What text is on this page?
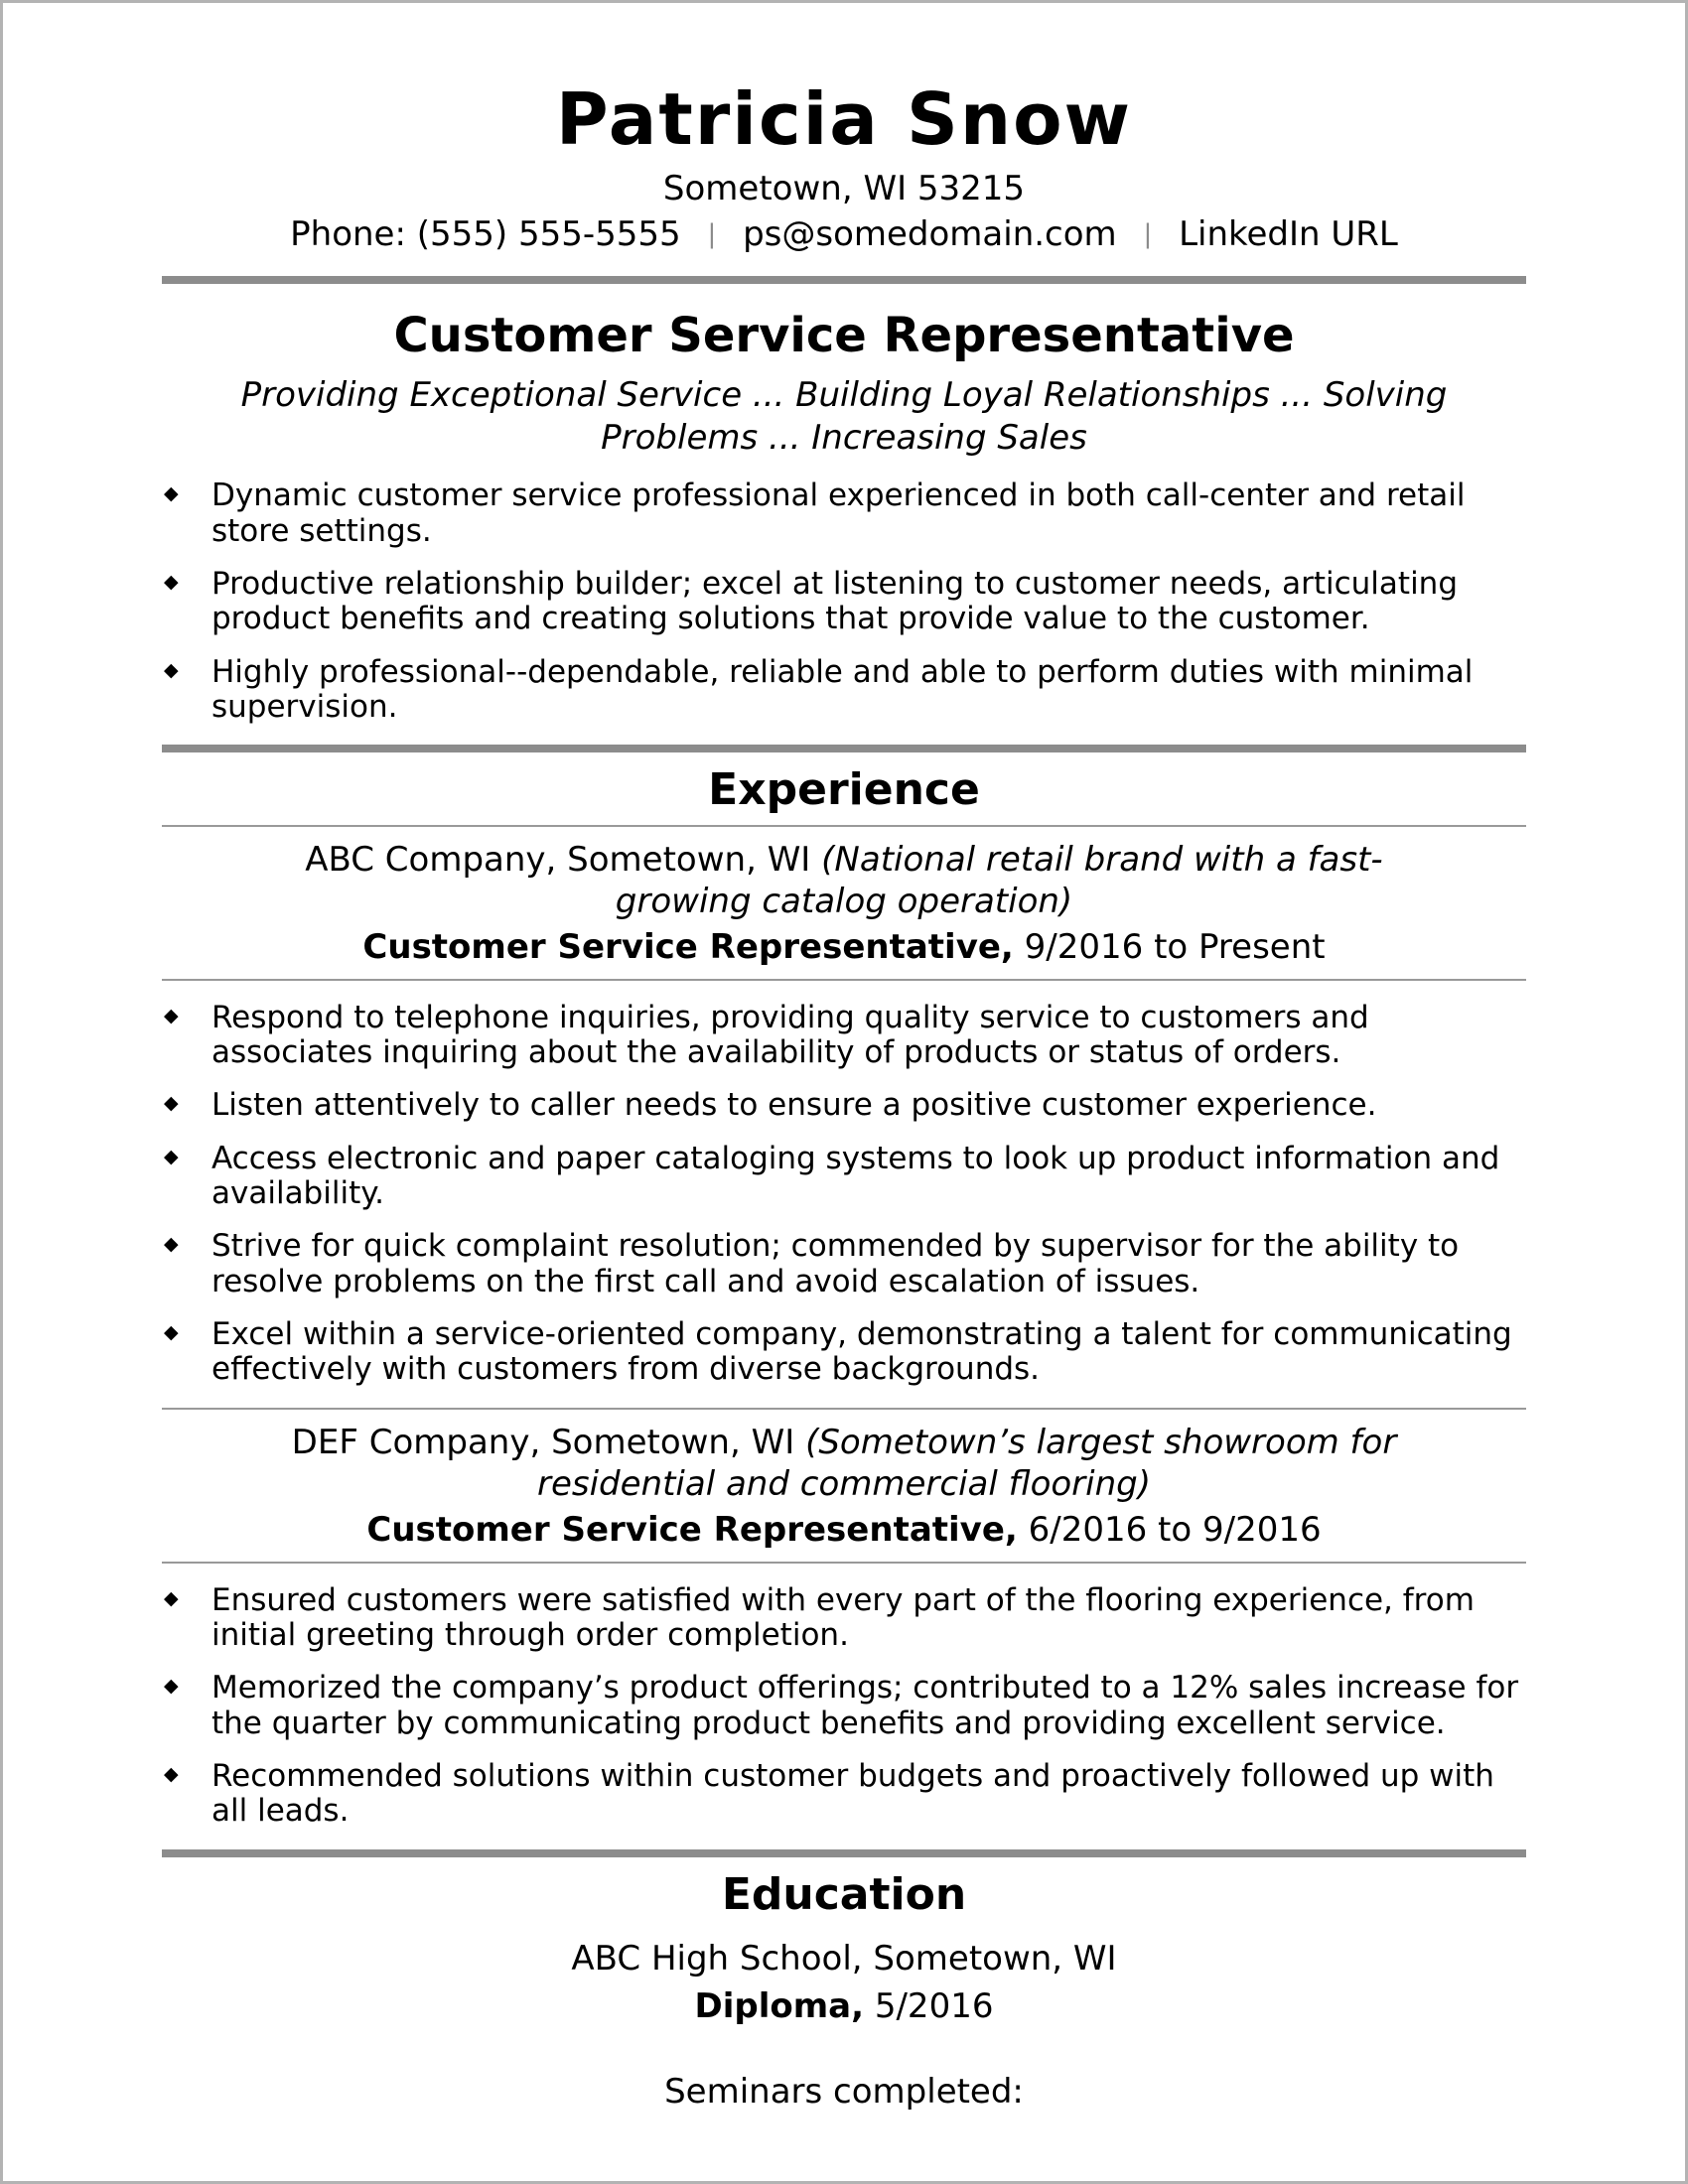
Patricia Snow
Sometown, WI 53215
Phone: (555) 555-5555 | ps@somedomain.com | LinkedIn URL
Customer Service Representative

Providing Exceptional Service ... Building Loyal Relationships ... Solving Problems ... Increasing Sales

◆ Dynamic customer service professional experienced in both call-center and retail store settings.
◆ Productive relationship builder; excel at listening to customer needs, articulating product benefits and creating solutions that provide value to the customer.
◆ Highly professional--dependable, reliable and able to perform duties with minimal supervision.
Experience

ABC Company, Sometown, WI (National retail brand with a fast-growing catalog operation)

Customer Service Representative, 9/2016 to Present

◆ Respond to telephone inquiries, providing quality service to customers and associates inquiring about the availability of products or status of orders.
◆ Listen attentively to caller needs to ensure a positive customer experience.
◆ Access electronic and paper cataloging systems to look up product information and availability.
◆ Strive for quick complaint resolution; commended by supervisor for the ability to resolve problems on the first call and avoid escalation of issues.
◆ Excel within a service-oriented company, demonstrating a talent for communicating effectively with customers from diverse backgrounds.

DEF Company, Sometown, WI (Sometown’s largest showroom for residential and commercial flooring)

Customer Service Representative, 6/2016 to 9/2016

◆ Ensured customers were satisfied with every part of the flooring experience, from initial greeting through order completion.
◆ Memorized the company’s product offerings; contributed to a 12% sales increase for the quarter by communicating product benefits and providing excellent service.
◆ Recommended solutions within customer budgets and proactively followed up with all leads.
Education

ABC High School, Sometown, WI

Diploma, 5/2016

Seminars completed:
